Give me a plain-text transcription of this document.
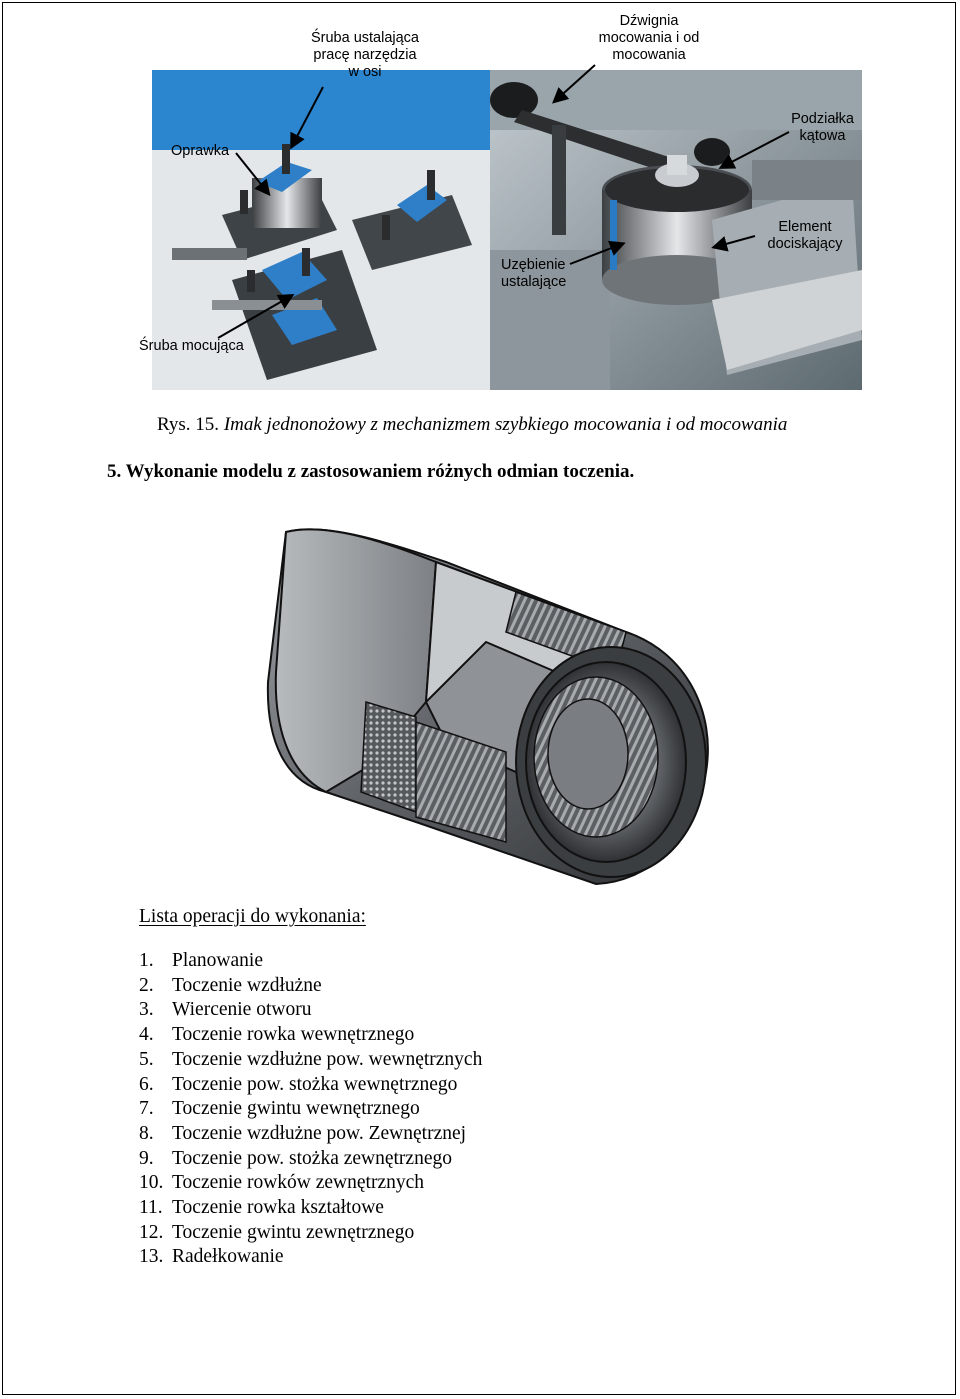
Śruba ustalająca
pracę narzędzia
w osi
Dźwignia
mocowania i od
mocowania
Oprawka
Podziałka
kątowa
Element
dociskający
Uzębienie
ustalające
Śruba mocująca
Rys. 15. Imak jednonożowy z mechanizmem szybkiego mocowania i od mocowania
5. Wykonanie modelu z zastosowaniem różnych odmian toczenia.
Lista operacji do wykonania:
1. Planowanie
2. Toczenie wzdłużne
3. Wiercenie otworu
4. Toczenie rowka wewnętrznego
5. Toczenie wzdłużne pow. wewnętrznych
6. Toczenie pow. stożka wewnętrznego
7. Toczenie gwintu wewnętrznego
8. Toczenie wzdłużne pow. Zewnętrznej
9. Toczenie pow. stożka zewnętrznego
10. Toczenie rowków zewnętrznych
11. Toczenie rowka kształtowe
12. Toczenie gwintu zewnętrznego
13. Radełkowanie
